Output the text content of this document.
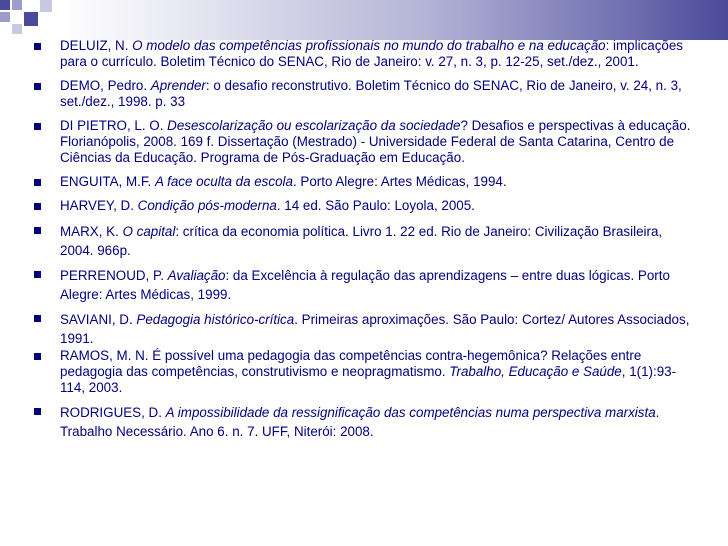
DELUIZ, N. O modelo das competências profissionais no mundo do trabalho e na educação: implicações para o currículo. Boletim Técnico do SENAC, Rio de Janeiro: v. 27, n. 3, p. 12-25, set./dez., 2001.
DEMO, Pedro. Aprender: o desafio reconstrutivo. Boletim Técnico do SENAC, Rio de Janeiro, v. 24, n. 3, set./dez., 1998. p. 33
DI PIETRO, L. O. Desescolarização ou escolarização da sociedade? Desafios e perspectivas à educação. Florianópolis, 2008. 169 f. Dissertação (Mestrado) - Universidade Federal de Santa Catarina, Centro de Ciências da Educação. Programa de Pós-Graduação em Educação.
ENGUITA, M.F. A face oculta da escola. Porto Alegre: Artes Médicas, 1994.
HARVEY, D. Condição pós-moderna. 14 ed. São Paulo: Loyola, 2005.
MARX, K. O capital: crítica da economia política. Livro 1. 22 ed. Rio de Janeiro: Civilização Brasileira, 2004. 966p.
PERRENOUD, P. Avaliação: da Excelência à regulação das aprendizagens – entre duas lógicas. Porto Alegre: Artes Médicas, 1999.
SAVIANI, D. Pedagogia histórico-crítica. Primeiras aproximações. São Paulo: Cortez/ Autores Associados, 1991.
RAMOS, M. N. É possível uma pedagogia das competências contra-hegemônica? Relações entre pedagogia das competências, construtivismo e neopragmatismo. Trabalho, Educação e Saúde, 1(1):93-114, 2003.
RODRIGUES, D. A impossibilidade da ressignificação das competências numa perspectiva marxista. Trabalho Necessário. Ano 6. n. 7. UFF, Niterói: 2008.
